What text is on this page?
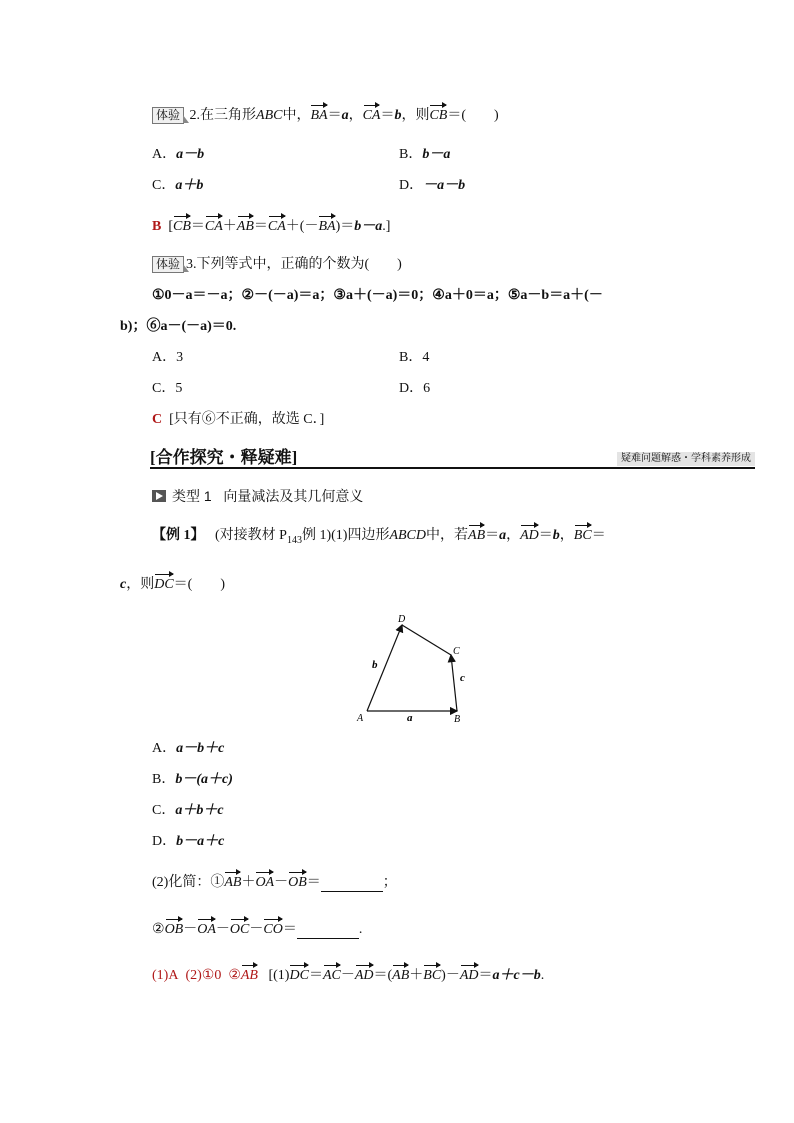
体验 2.在三角形ABC中，BA＝a，CA＝b，则CB＝(　　)
A．a－b	B．b－a
C．a＋b	D．－a－b
B [CB＝CA＋AB＝CA＋(－BA)＝b－a.]
体验 3.下列等式中，正确的个数为(　　)
①0－a＝－a；②－(－a)＝a；③a＋(－a)＝0；④a＋0＝a；⑤a－b＝a＋(－
b)；⑥a－(－a)＝0.
A．3	B．4
C．5	D．6
C [只有⑥不正确，故选 C．]
[合作探究・释疑难]	疑难问题解惑・学科素养形成
类型 1 向量减法及其几何意义
【例 1】 (对接教材 $P_{143}$例 1)(1)四边形ABCD中，若AB＝a，AD＝b，BC＝
c，则DC＝(　　)
A	B
C
D
a
b
c
A．a－b＋c
B．b－(a＋c)
C．a＋b＋c
D．b－a＋c
(2)化简：①AB＋OA－OB＝	；
②OB－OA－OC－CO＝	.
(1)A (2)①0 ②AB [(1)DC＝AC－AD＝(AB＋BC)－AD＝a＋c－b.
